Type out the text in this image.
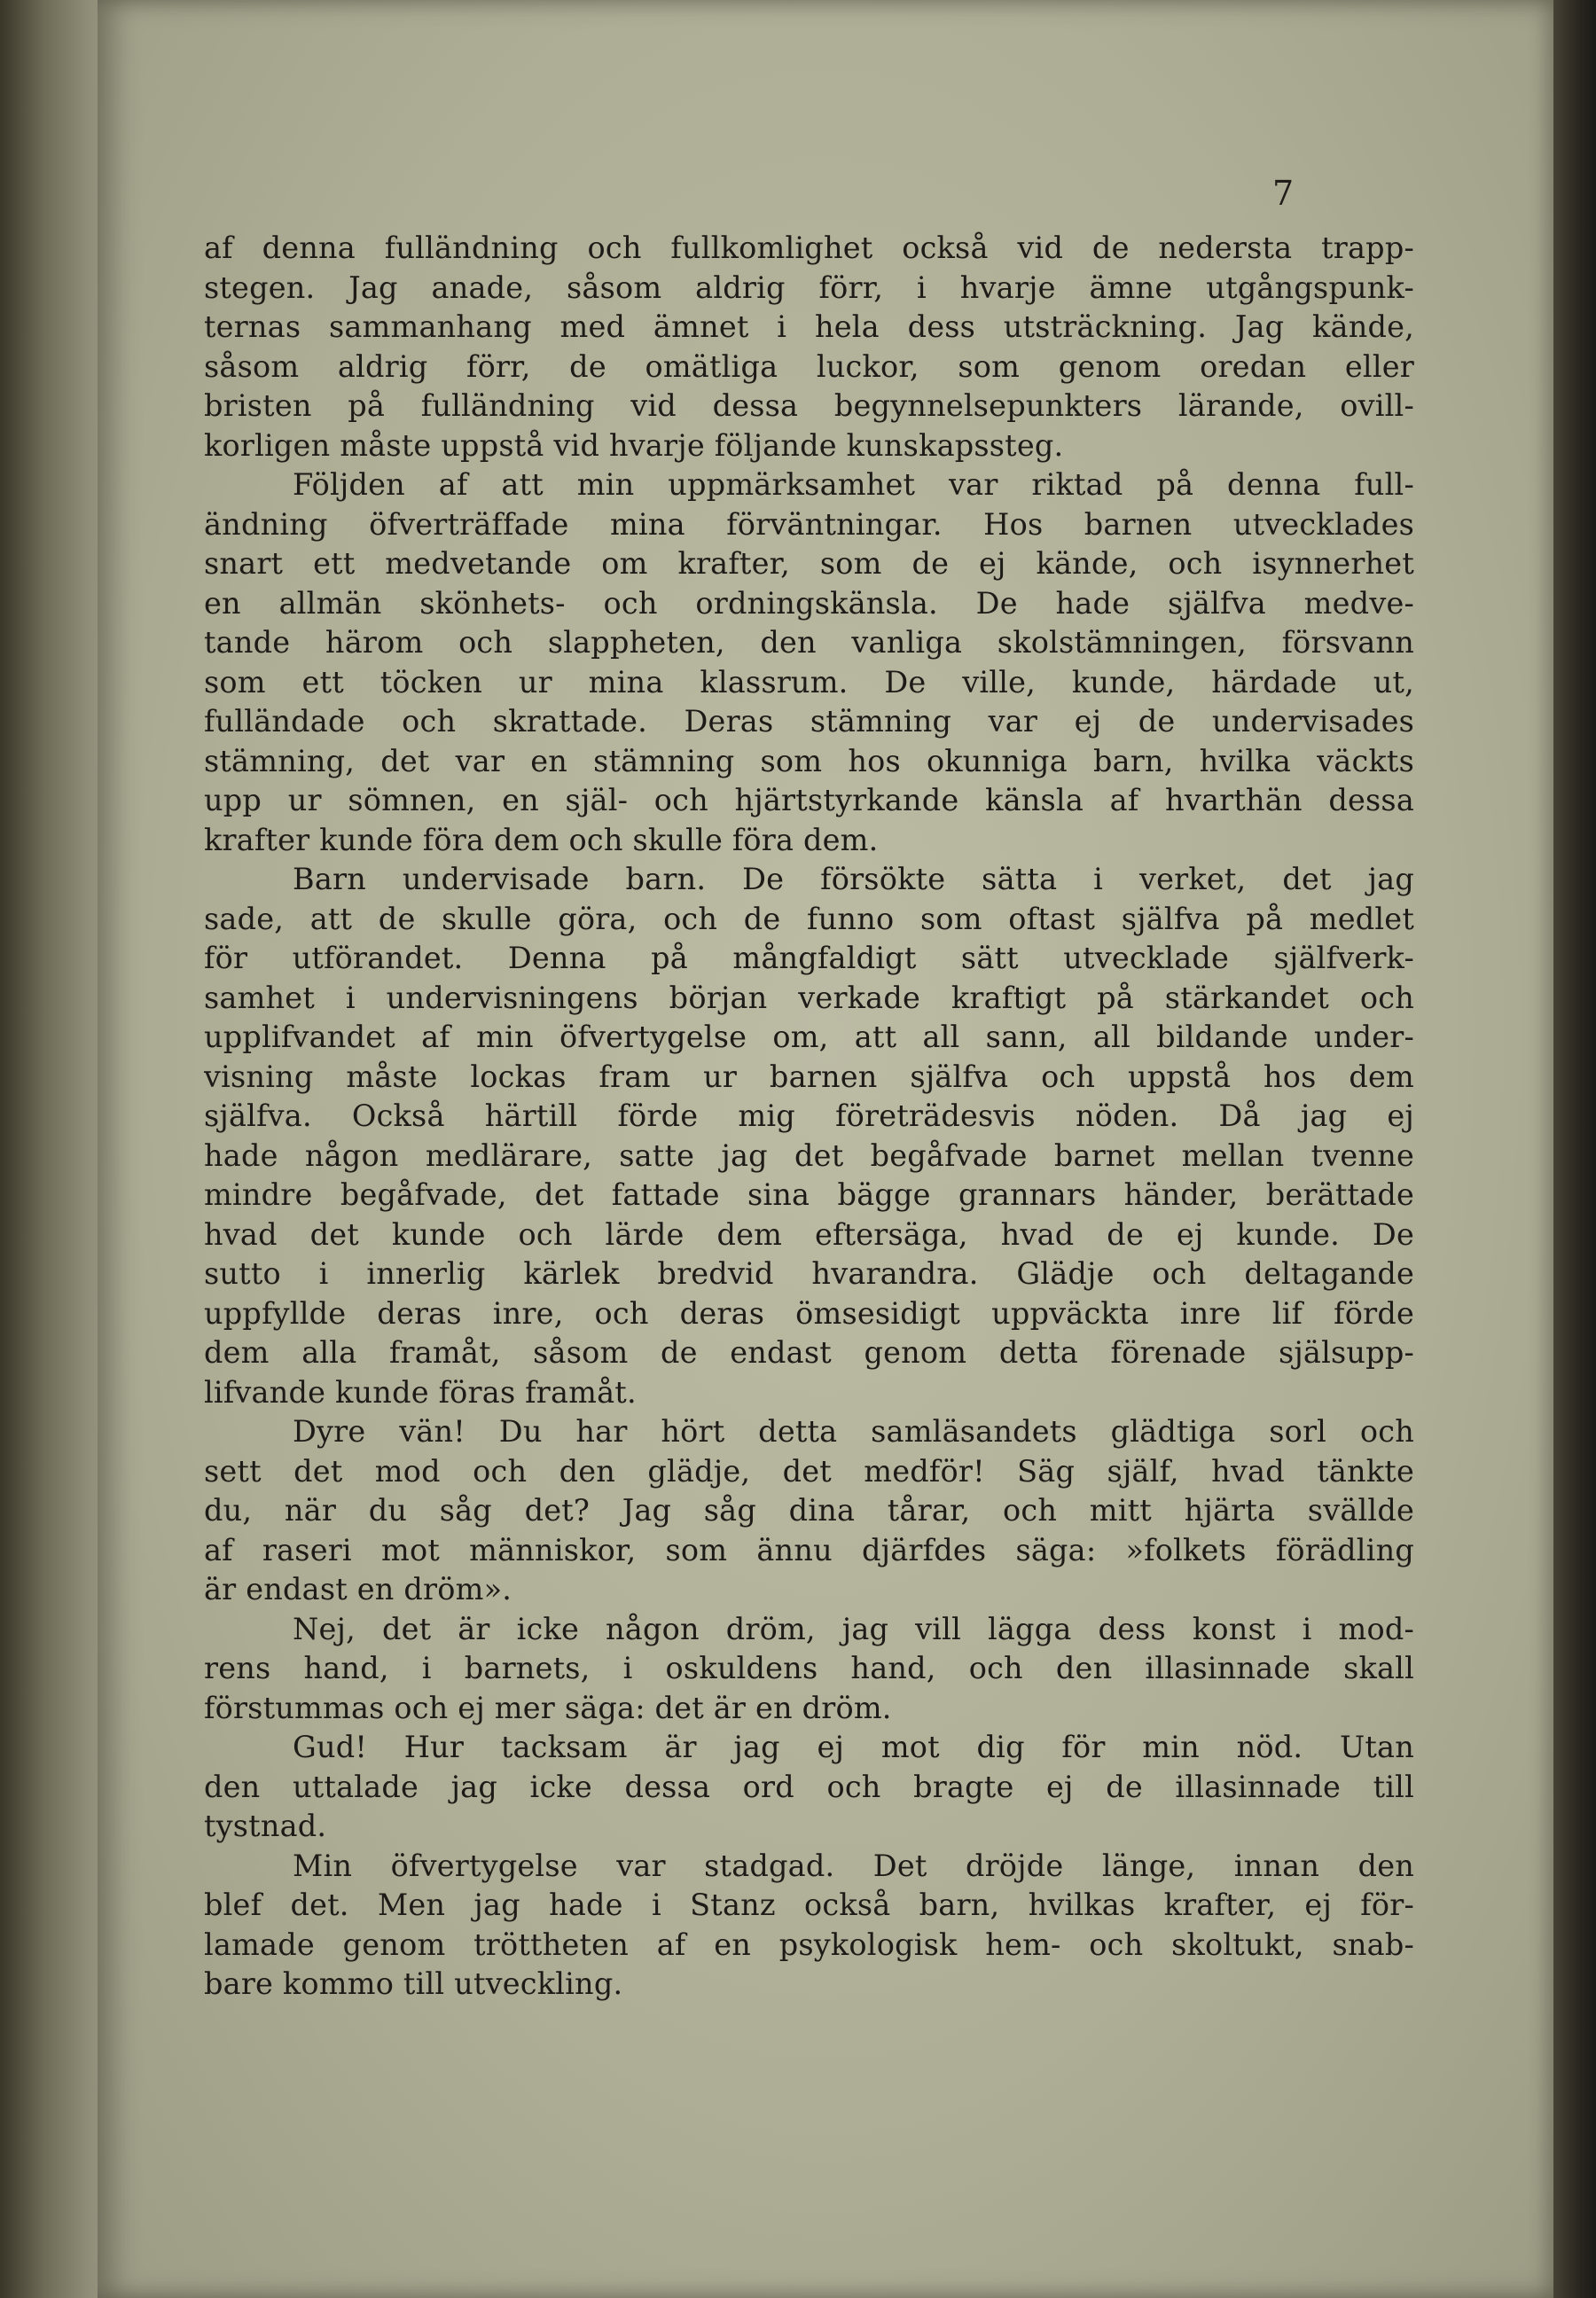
7
af denna fulländning och fullkomlighet också vid de nedersta trapp-
stegen. Jag anade, såsom aldrig förr, i hvarje ämne utgångspunk-
ternas sammanhang med ämnet i hela dess utsträckning. Jag kände,
såsom aldrig förr, de omätliga luckor, som genom oredan eller
bristen på fulländning vid dessa begynnelsepunkters lärande, ovill-
korligen måste uppstå vid hvarje följande kunskapssteg.
Följden af att min uppmärksamhet var riktad på denna full-
ändning öfverträffade mina förväntningar. Hos barnen utvecklades
snart ett medvetande om krafter, som de ej kände, och isynnerhet
en allmän skönhets- och ordningskänsla. De hade själfva medve-
tande härom och slappheten, den vanliga skolstämningen, försvann
som ett töcken ur mina klassrum. De ville, kunde, härdade ut,
fulländade och skrattade. Deras stämning var ej de undervisades
stämning, det var en stämning som hos okunniga barn, hvilka väckts
upp ur sömnen, en själ- och hjärtstyrkande känsla af hvarthän dessa
krafter kunde föra dem och skulle föra dem.
Barn undervisade barn. De försökte sätta i verket, det jag
sade, att de skulle göra, och de funno som oftast själfva på medlet
för utförandet. Denna på mångfaldigt sätt utvecklade själfverk-
samhet i undervisningens början verkade kraftigt på stärkandet och
upplifvandet af min öfvertygelse om, att all sann, all bildande under-
visning måste lockas fram ur barnen själfva och uppstå hos dem
själfva. Också härtill förde mig företrädesvis nöden. Då jag ej
hade någon medlärare, satte jag det begåfvade barnet mellan tvenne
mindre begåfvade, det fattade sina bägge grannars händer, berättade
hvad det kunde och lärde dem eftersäga, hvad de ej kunde. De
sutto i innerlig kärlek bredvid hvarandra. Glädje och deltagande
uppfyllde deras inre, och deras ömsesidigt uppväckta inre lif förde
dem alla framåt, såsom de endast genom detta förenade själsupp-
lifvande kunde föras framåt.
Dyre vän! Du har hört detta samläsandets glädtiga sorl och
sett det mod och den glädje, det medför! Säg själf, hvad tänkte
du, när du såg det? Jag såg dina tårar, och mitt hjärta svällde
af raseri mot människor, som ännu djärfdes säga: »folkets förädling
är endast en dröm».
Nej, det är icke någon dröm, jag vill lägga dess konst i mod-
rens hand, i barnets, i oskuldens hand, och den illasinnade skall
förstummas och ej mer säga: det är en dröm.
Gud! Hur tacksam är jag ej mot dig för min nöd. Utan
den uttalade jag icke dessa ord och bragte ej de illasinnade till
tystnad.
Min öfvertygelse var stadgad. Det dröjde länge, innan den
blef det. Men jag hade i Stanz också barn, hvilkas krafter, ej för-
lamade genom tröttheten af en psykologisk hem- och skoltukt, snab-
bare kommo till utveckling.
